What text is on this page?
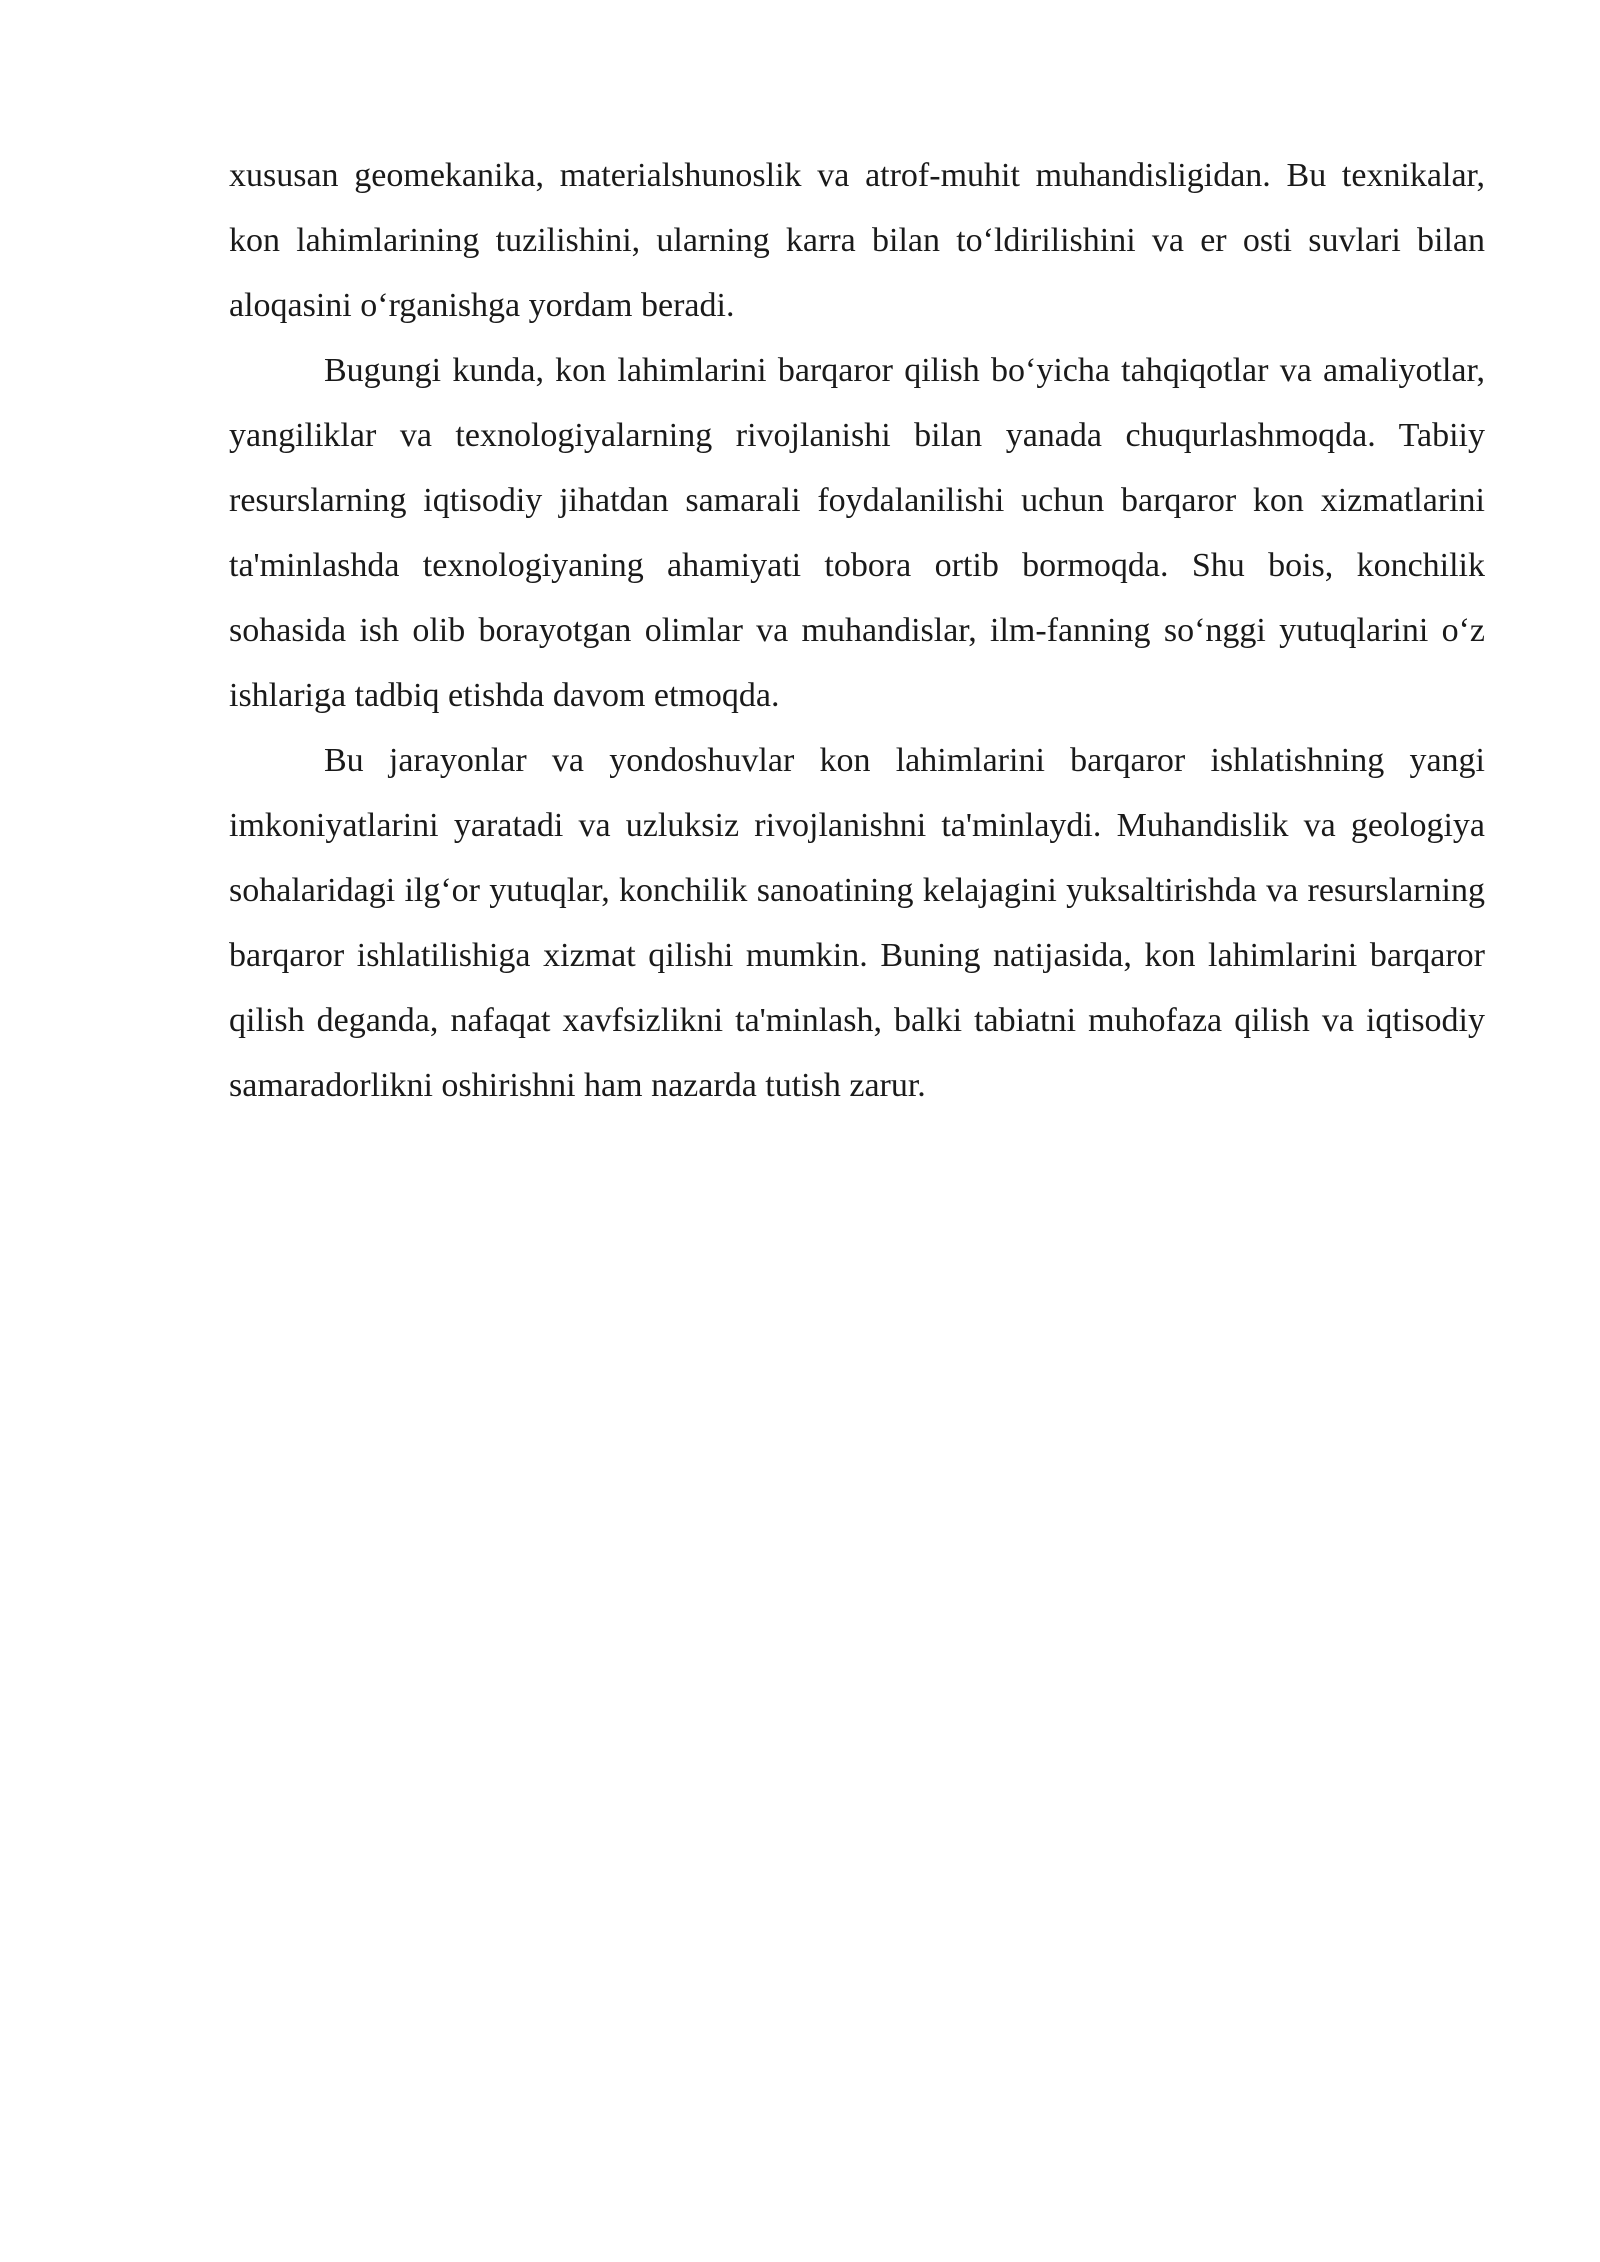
xususan geomekanika, materialshunoslik va atrof-muhit muhandisligidan. Bu texnikalar, kon lahimlarining tuzilishini, ularning karra bilan to‘ldirilishini va er osti suvlari bilan aloqasini o‘rganishga yordam beradi.

Bugungi kunda, kon lahimlarini barqaror qilish bo‘yicha tahqiqotlar va amaliyotlar, yangiliklar va texnologiyalarning rivojlanishi bilan yanada chuqurlashmoqda. Tabiiy resurslarning iqtisodiy jihatdan samarali foydalanilishi uchun barqaror kon xizmatlarini ta'minlashda texnologiyaning ahamiyati tobora ortib bormoqda. Shu bois, konchilik sohasida ish olib borayotgan olimlar va muhandislar, ilm-fanning so‘nggi yutuqlarini o‘z ishlariga tadbiq etishda davom etmoqda.

Bu jarayonlar va yondoshuvlar kon lahimlarini barqaror ishlatishning yangi imkoniyatlarini yaratadi va uzluksiz rivojlanishni ta'minlaydi. Muhandislik va geologiya sohalaridagi ilg‘or yutuqlar, konchilik sanoatining kelajagini yuksaltirishda va resurslarning barqaror ishlatilishiga xizmat qilishi mumkin. Buning natijasida, kon lahimlarini barqaror qilish deganda, nafaqat xavfsizlikni ta'minlash, balki tabiatni muhofaza qilish va iqtisodiy samaradorlikni oshirishni ham nazarda tutish zarur.
